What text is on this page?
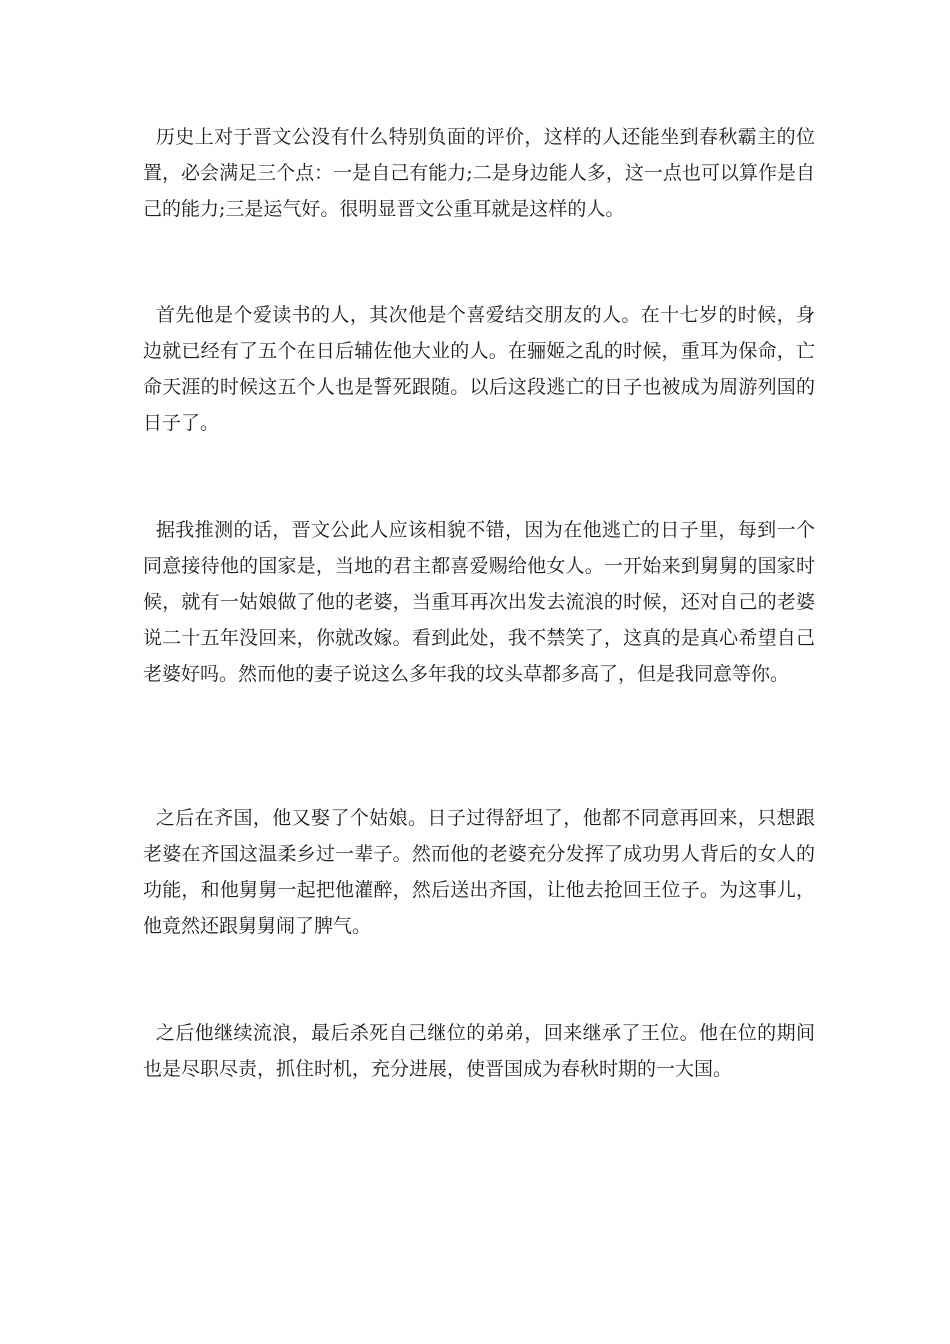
历史上对于晋文公没有什么特别负面的评价，这样的人还能坐到春秋霸主的位置，必会满足三个点：一是自己有能力;二是身边能人多，这一点也可以算作是自己的能力;三是运气好。很明显晋文公重耳就是这样的人。

首先他是个爱读书的人，其次他是个喜爱结交朋友的人。在十七岁的时候，身边就已经有了五个在日后辅佐他大业的人。在骊姬之乱的时候，重耳为保命，亡命天涯的时候这五个人也是誓死跟随。以后这段逃亡的日子也被成为周游列国的日子了。

据我推测的话，晋文公此人应该相貌不错，因为在他逃亡的日子里，每到一个同意接待他的国家是，当地的君主都喜爱赐给他女人。一开始来到舅舅的国家时候，就有一姑娘做了他的老婆，当重耳再次出发去流浪的时候，还对自己的老婆说二十五年没回来，你就改嫁。看到此处，我不禁笑了，这真的是真心希望自己老婆好吗。然而他的妻子说这么多年我的坟头草都多高了，但是我同意等你。

之后在齐国，他又娶了个姑娘。日子过得舒坦了，他都不同意再回来，只想跟老婆在齐国这温柔乡过一辈子。然而他的老婆充分发挥了成功男人背后的女人的功能，和他舅舅一起把他灌醉，然后送出齐国，让他去抢回王位子。为这事儿，他竟然还跟舅舅闹了脾气。

之后他继续流浪，最后杀死自己继位的弟弟，回来继承了王位。他在位的期间也是尽职尽责，抓住时机，充分进展，使晋国成为春秋时期的一大国。
